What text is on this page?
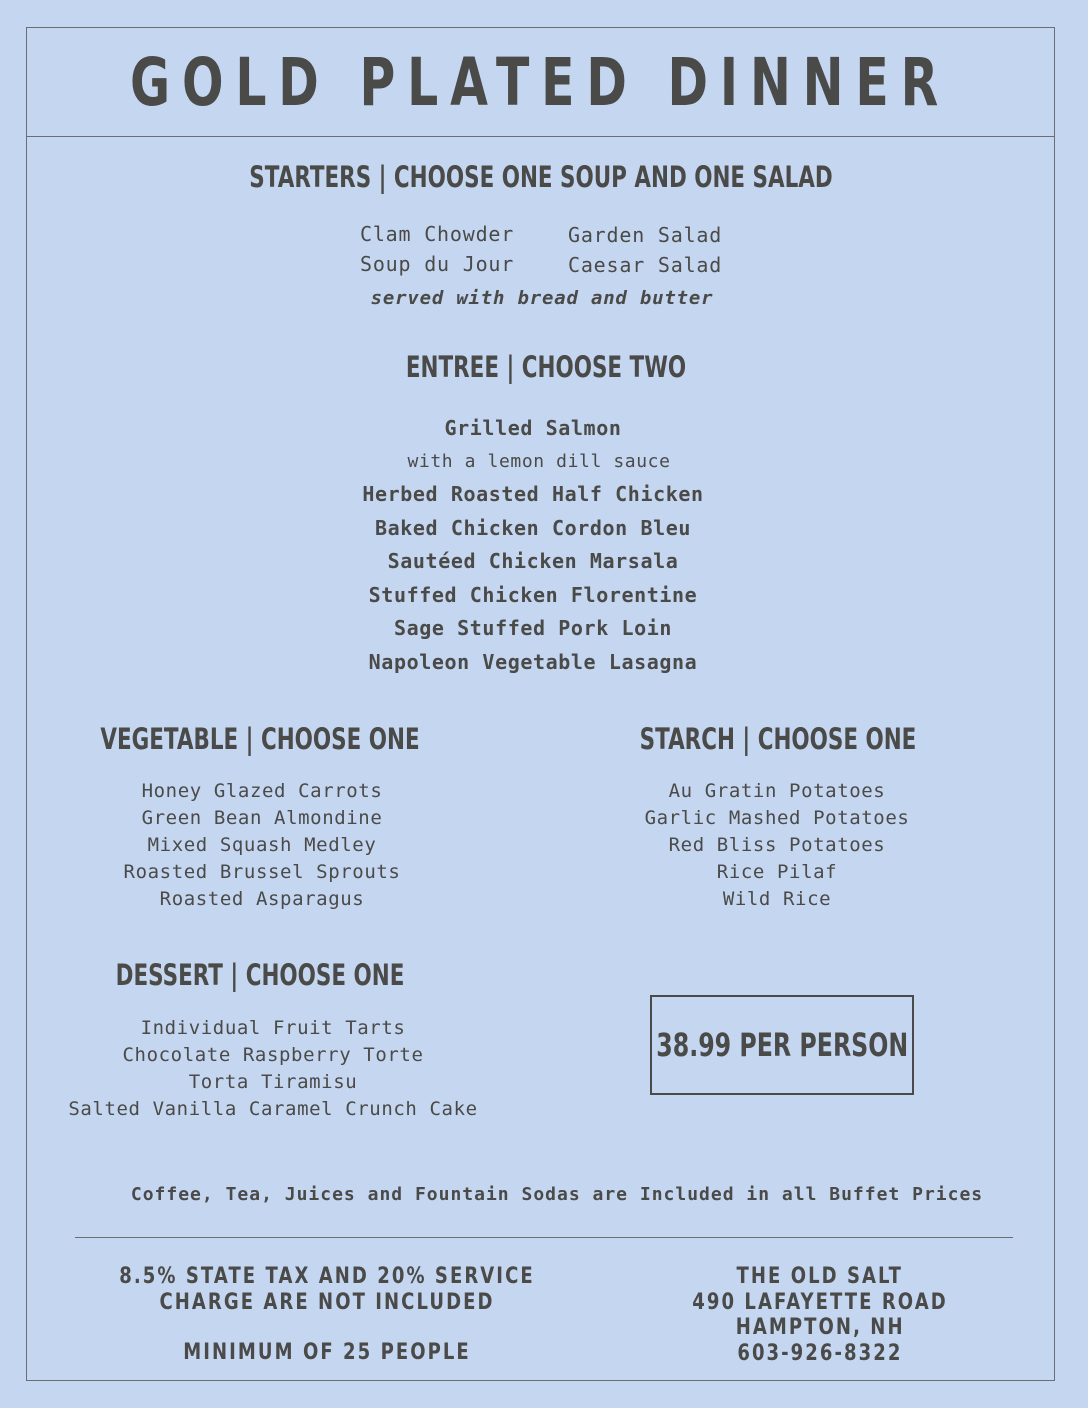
GOLD PLATED DINNER
STARTERS | CHOOSE ONE SOUP AND ONE SALAD
Clam Chowder
Soup du Jour
Garden Salad
Caesar Salad
served with bread and butter
ENTREE | CHOOSE TWO
Grilled Salmon
with a lemon dill sauce
Herbed Roasted Half Chicken
Baked Chicken Cordon Bleu
Sautéed Chicken Marsala
Stuffed Chicken Florentine
Sage Stuffed Pork Loin
Napoleon Vegetable Lasagna
VEGETABLE | CHOOSE ONE
Honey Glazed Carrots
Green Bean Almondine
Mixed Squash Medley
Roasted Brussel Sprouts
Roasted Asparagus
STARCH | CHOOSE ONE
Au Gratin Potatoes
Garlic Mashed Potatoes
Red Bliss Potatoes
Rice Pilaf
Wild Rice
DESSERT | CHOOSE ONE
Individual Fruit Tarts
Chocolate Raspberry Torte
Torta Tiramisu
Salted Vanilla Caramel Crunch Cake
38.99 PER PERSON
Coffee, Tea, Juices and Fountain Sodas are Included in all Buffet Prices
8.5% STATE TAX AND 20% SERVICE
CHARGE ARE NOT INCLUDED
MINIMUM OF 25 PEOPLE
THE OLD SALT
490 LAFAYETTE ROAD
HAMPTON, NH
603-926-8322
